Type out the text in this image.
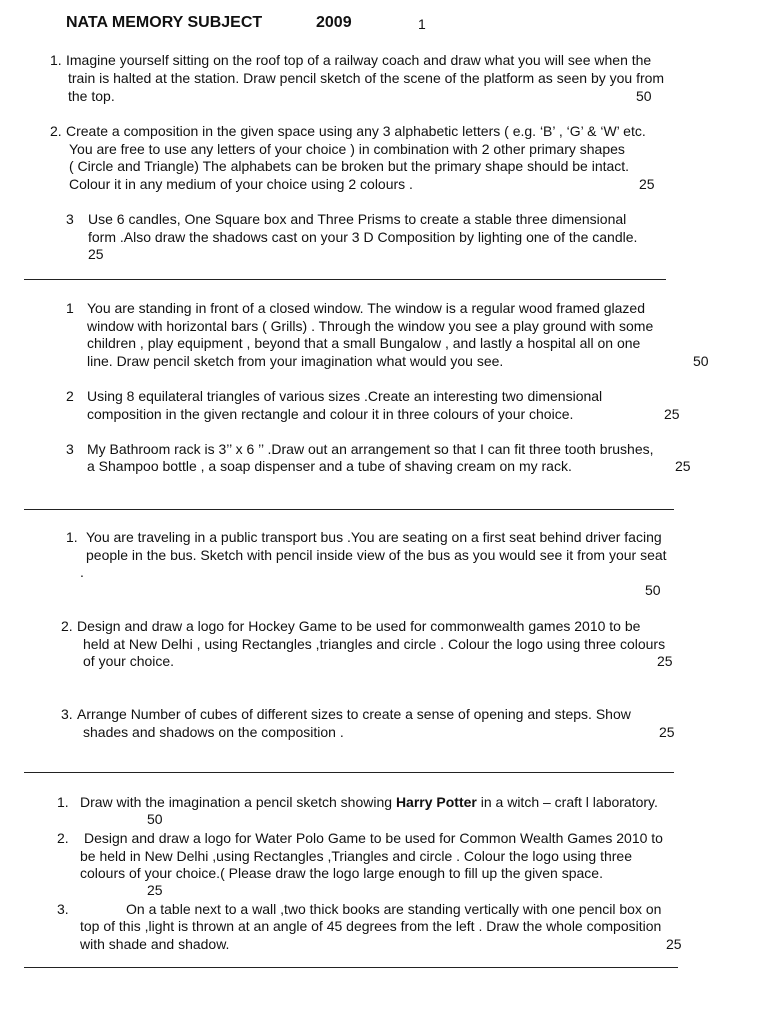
NATA MEMORY SUBJECT	2009	1
1. Imagine yourself sitting on the roof top of a railway coach and draw what you will see when the
train is halted at the station. Draw pencil sketch of the scene of the platform as seen by you from
the top.	50
2. Create a composition in the given space using any 3 alphabetic letters ( e.g. ‘B’ , ‘G’ & ‘W’ etc.
You are free to use any letters of your choice ) in combination with 2 other primary shapes
( Circle and Triangle) The alphabets can be broken but the primary shape should be intact.
Colour it in any medium of your choice using 2 colours .	25
3 Use 6 candles, One Square box and Three Prisms to create a stable three dimensional
form .Also draw the shadows cast on your 3 D Composition by lighting one of the candle.
25
1 You are standing in front of a closed window. The window is a regular wood framed glazed
window with horizontal bars ( Grills) . Through the window you see a play ground with some
children , play equipment , beyond that a small Bungalow , and lastly a hospital all on one
line. Draw pencil sketch from your imagination what would you see.	50
2 Using 8 equilateral triangles of various sizes .Create an interesting two dimensional
composition in the given rectangle and colour it in three colours of your choice.	25
3 My Bathroom rack is 3’’ x 6 ’’ .Draw out an arrangement so that I can fit three tooth brushes,
a Shampoo bottle , a soap dispenser and a tube of shaving cream on my rack.	25
1. You are traveling in a public transport bus .You are seating on a first seat behind driver facing
people in the bus. Sketch with pencil inside view of the bus as you would see it from your seat
.
50
2. Design and draw a logo for Hockey Game to be used for commonwealth games 2010 to be
held at New Delhi , using Rectangles ,triangles and circle . Colour the logo using three colours
of your choice.	25
3. Arrange Number of cubes of different sizes to create a sense of opening and steps. Show
shades and shadows on the composition .	25
1. Draw with the imagination a pencil sketch showing Harry Potter in a witch – craft l laboratory.
50
2. Design and draw a logo for Water Polo Game to be used for Common Wealth Games 2010 to
be held in New Delhi ,using Rectangles ,Triangles and circle . Colour the logo using three
colours of your choice.( Please draw the logo large enough to fill up the given space.
25
3.	On a table next to a wall ,two thick books are standing vertically with one pencil box on
top of this ,light is thrown at an angle of 45 degrees from the left . Draw the whole composition
with shade and shadow.	25
